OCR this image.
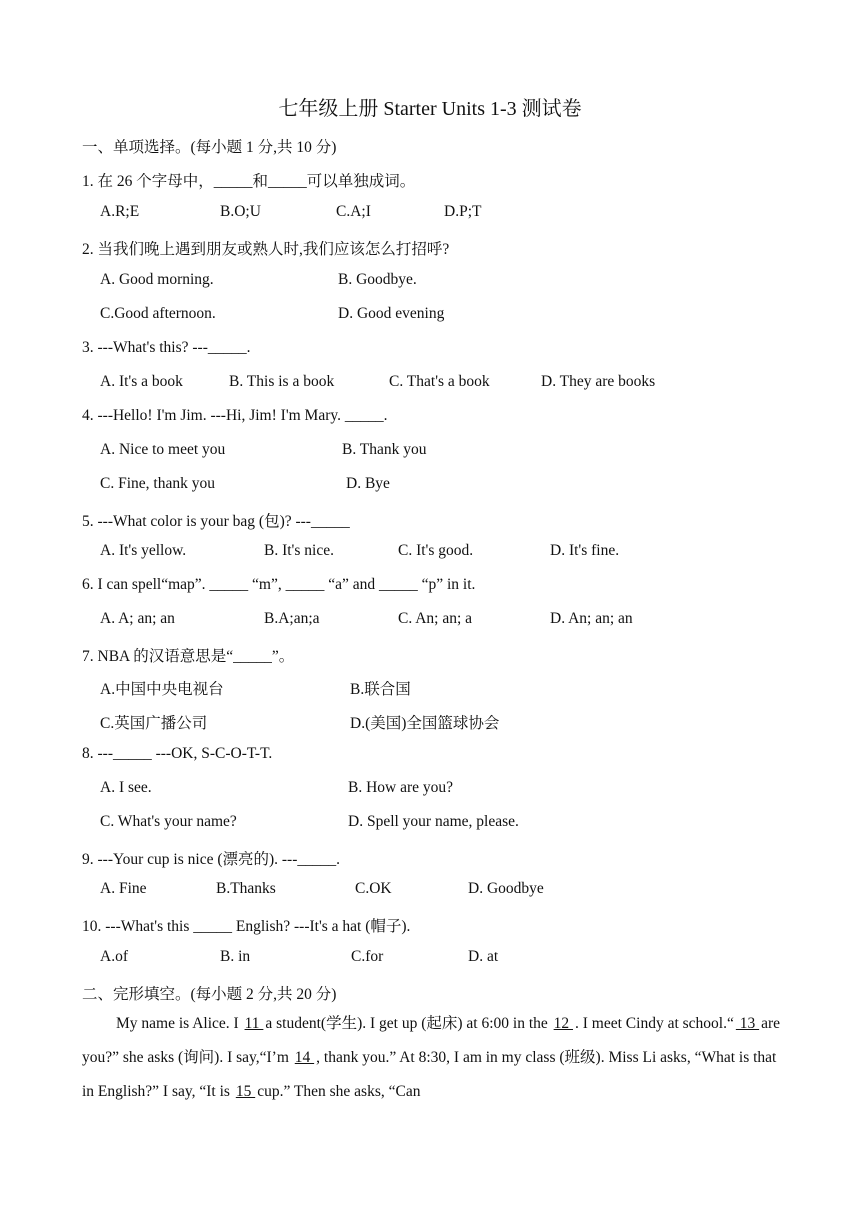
七年级上册 Starter Units 1-3 测试卷
一、单项选择。(每小题 1 分,共 10 分)
1. 在 26 个字母中，_____和_____可以单独成词。
A.R;E	B.O;U	C.A;I	D.P;T
2. 当我们晚上遇到朋友或熟人时,我们应该怎么打招呼?
A. Good morning.	B. Goodbye.
C.Good afternoon.	D. Good evening
3. ---What's this? ---_____.
A. It's a book	B. This is a book	C. That's a book	D. They are books
4. ---Hello! I'm Jim. ---Hi, Jim! I'm Mary. _____.
A. Nice to meet you	B. Thank you
C. Fine, thank you	D. Bye
5. ---What color is your bag (包)? ---_____
A. It's yellow.	B. It's nice.	C. It's good.	D. It's fine.
6. I can spell“map”. _____ “m”, _____ “a” and _____ “p” in it.
A. A; an; an	B.A;an;a	C. An; an; a	D. An; an; an
7. NBA 的汉语意思是“_____”。
A.中国中央电视台	B.联合国
C.英国广播公司	D.(美国)全国篮球协会
8. ---_____ ---OK, S-C-O-T-T.
A. I see.	B. How are you?
C. What's your name?	D. Spell your name, please.
9. ---Your cup is nice (漂亮的). ---_____.
A. Fine	B.Thanks	C.OK	D. Goodbye
10. ---What's this _____ English? ---It's a hat (帽子).
A.of	B. in	C.for	D. at
二、完形填空。(每小题 2 分,共 20 分)
My name is Alice. I 11 a student(学生). I get up (起床) at 6:00 in the 12 . I meet Cindy at school.“ 13 are you?” she asks (询问). I say,“I’m 14 , thank you.” At 8:30, I am in my class (班级). Miss Li asks, “What is that in English?” I say, “It is 15 cup.” Then she asks, “Can
